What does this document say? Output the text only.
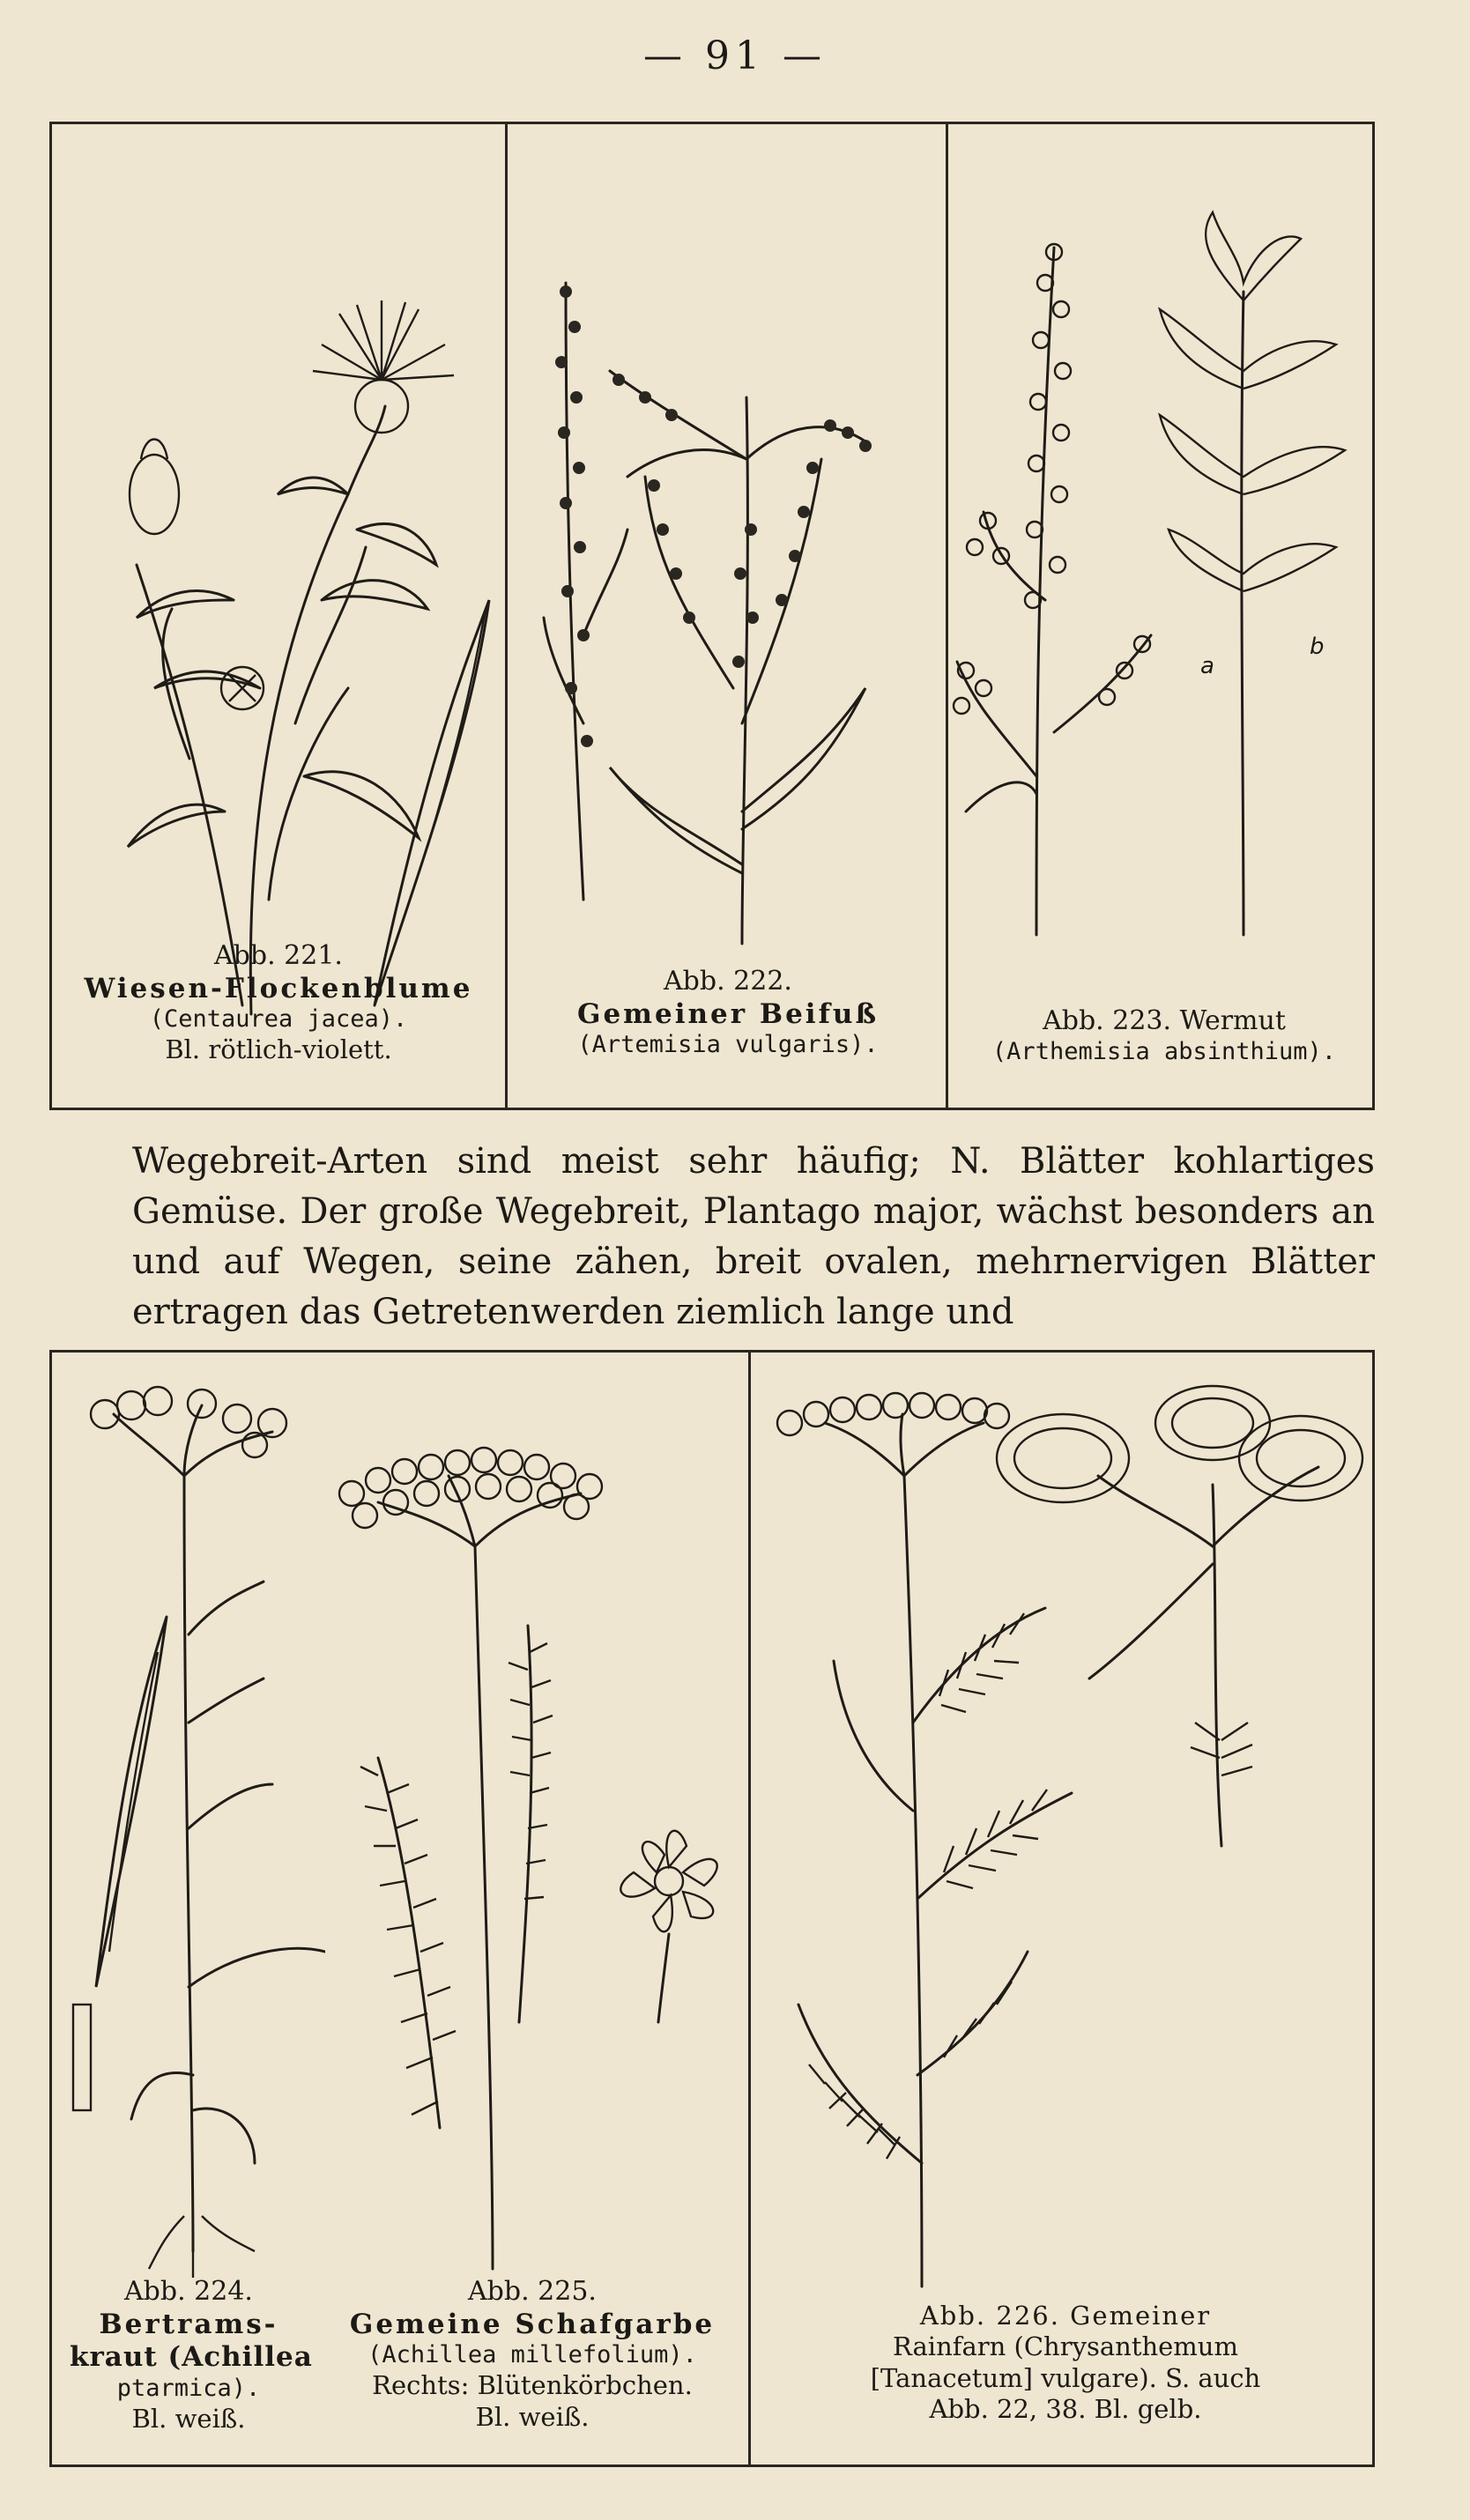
— 91 —
Abb. 221.
Wiesen-Flockenblume
(Centaurea jacea).
Bl. rötlich-violett.
Abb. 222.
Gemeiner Beifuß
(Artemisia vulgaris).
a
b
Abb. 223. Wermut
(Arthemisia absinthium).

Wegebreit-Arten sind meist sehr häufig; N. Blätter kohlartiges Gemüse. Der große Wegebreit, Plantago major, wächst besonders an und auf Wegen, seine zähen, breit ovalen, mehrnervigen Blätter ertragen das Getretenwerden ziemlich lange und

Abb. 224.
Bertrams-
kraut (Achillea
ptarmica).
Bl. weiß.
Abb. 225.
Gemeine Schafgarbe
(Achillea millefolium).
Rechts: Blütenkörbchen.
Bl. weiß.
Abb. 226. Gemeiner
Rainfarn (Chrysanthemum
[Tanacetum] vulgare). S. auch
Abb. 22, 38. Bl. gelb.
